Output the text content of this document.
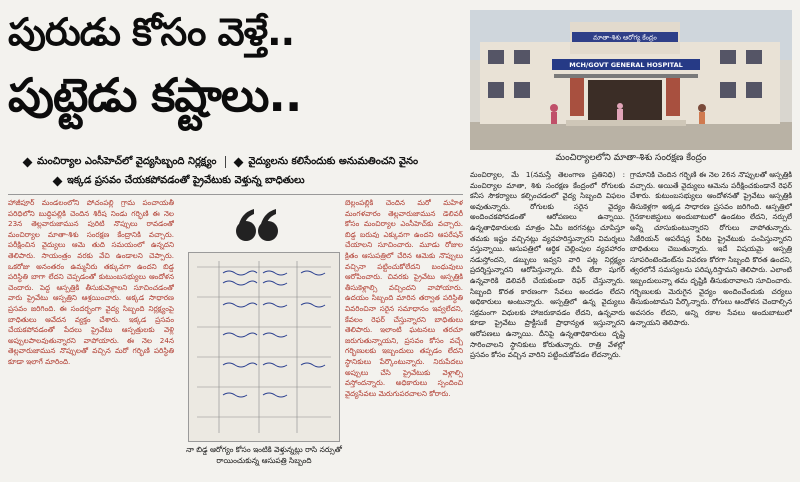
పురుడు కోసం వెళ్తే..
పుట్టెడు కష్టాలు..
మాతా-శిశు ఆరోగ్య కేంద్రం
MCH/GOVT GENERAL HOSPITAL
మంచిర్యాలలోని మాతా-శిశు సంరక్షణ కేంద్రం
మంచిర్యాల ఎంసీహెచ్‌లో వైద్యసిబ్బంది నిర్లక్ష్యం	వైద్యులను కలిసేందుకు అనుమతించని వైనం
ఇక్కడ ప్రసవం చేయకపోవడంతో ప్రైవేటుకు వెళ్తున్న బాధితులు
హాజీపూర్‌ మండలంలోని పోచంపల్లి గ్రామ పంచాయతీ పరిధిలోని బుద్ధిపల్లికి చెందిన శిరీష నిండు గర్భిణి ఈ నెల 23న తెల్లవారుజామున పురిటి నొప్పులు రావడంతో మంచిర్యాల మాతా-శిశు సంరక్షణ కేంద్రానికి వచ్చారు. పరీక్షించిన వైద్యులు ఆమె తుది సమయంలో ఉన్నదని తెలిపారు. సాయంత్రం వరకు వేచి ఉండాలని చెప్పారు. ఒకరోజు అనంతరం ఉమ్మనీరు తక్కువగా ఉందని బిడ్డ పరిస్థితి బాగా లేదని చెప్పడంతో కుటుంబసభ్యులు ఆందోళన చెందారు. పెద్ద ఆస్పత్రికి తీసుకువెళ్లాలని సూచించడంతో వారు ప్రైవేటు ఆస్పత్రిని ఆశ్రయించారు. అక్కడ సాధారణ ప్రసవం జరిగింది. ఈ సందర్భంగా వైద్య సిబ్బంది నిర్లక్ష్యంపై బాధితులు ఆవేదన వ్యక్తం చేశారు. ఇక్కడ ప్రసవం చేయకపోవడంతో పేదలు ప్రైవేటు ఆస్పత్రులకు వెళ్లి అప్పులపాలవుతున్నారని వాపోయారు. ఈ నెల 24న తెల్లవారుజామున నొప్పులతో వచ్చిన మరో గర్భిణి పరిస్థితి కూడా ఇలాగే మారింది.
నా బిడ్డ ఆరోగ్యం కోసం ఇంటికి వెళ్తున్నట్లు రాసి నర్సుతో రాయించుకున్న ఆసుపత్రి సిబ్బంది
బెల్లంపల్లికి చెందిన మరో మహిళ మంగళవారం తెల్లవారుజామున డెలివరీ కోసం మంచిర్యాల ఎంసీహెచ్‌కు వచ్చారు. బిడ్డ బరువు ఎక్కువగా ఉందని ఆపరేషన్‌ చేయాలని సూచించారు. మూడు రోజుల క్రితం ఆసుపత్రిలో చేరిన ఆమెకు నొప్పులు వచ్చినా పట్టించుకోలేదని బంధువులు ఆరోపించారు. చివరకు ప్రైవేటు ఆస్పత్రికి తీసుకెళ్లాల్సి వచ్చిందని వాపోయారు. ఉదయం సిబ్బంది మారిన తర్వాత పరిస్థితి వివరించినా సరైన సమాధానం ఇవ్వలేదని, కేవలం రెఫర్‌ చేస్తున్నారని బాధితులు తెలిపారు. ఇలాంటి ఘటనలు తరచూ జరుగుతున్నాయని, ప్రసవం కోసం వచ్చే గర్భిణులకు ఇబ్బందులు తప్పడం లేదని స్థానికులు పేర్కొంటున్నారు. నిరుపేదలు అప్పులు చేసి ప్రైవేటుకు వెళ్లాల్సి వస్తోందన్నారు. అధికారులు స్పందించి వైద్యసేవలు మెరుగుపరచాలని కోరారు.
మంచిర్యాల, మే 1(నమస్తే తెలంగాణ ప్రతినిధి) : మంచిర్యాల మాతా, శిశు సంరక్షణ కేంద్రంలో రోగులకు కనీస సౌకర్యాలు కల్పించడంలో వైద్య సిబ్బంది విఫలం అవుతున్నారు. రోగులకు సరైన వైద్యం అందించకపోవడంతో ఆరోపణలు ఉన్నాయి. ఉన్నతాధికారులకు మాత్రం ఏమీ జరగనట్లు చూపిస్తూ తమకు ఇష్టం వచ్చినట్లు వ్యవహరిస్తున్నారని విమర్శలు వస్తున్నాయి. ఆసుపత్రిలో ఆర్థిక చెల్లింపుల వ్యవహారం నడుస్తోందని, డబ్బులు ఇవ్వని వారి పట్ల నిర్లక్ష్యం ప్రదర్శిస్తున్నారని ఆరోపిస్తున్నారు. బీపీ లేదా షుగర్‌ ఉన్నవారికి డెలివరీ చేయకుండా రెఫర్‌ చేస్తున్నారు. సిబ్బంది కొరత కారణంగా సేవలు అందడం లేదని అధికారులు అంటున్నారు. ఆస్పత్రిలో ఉన్న వైద్యులు సక్రమంగా విధులకు హాజరుకావడం లేదని, ఉన్నవారు కూడా ప్రైవేటు ప్రాక్టీసుకే ప్రాధాన్యత ఇస్తున్నారని ఆరోపణలు ఉన్నాయి. దీనిపై ఉన్నతాధికారులు దృష్టి సారించాలని స్థానికులు కోరుతున్నారు. రాత్రి వేళల్లో ప్రసవం కోసం వచ్చిన వారిని పట్టించుకోవడం లేదన్నారు.
గ్రామానికి చెందిన గర్భిణి ఈ నెల 26న నొప్పులతో ఆస్పత్రికి వచ్చారు. అయితే వైద్యులు ఆమెను పరీక్షించకుండానే రెఫర్‌ చేశారు. కుటుంబసభ్యులు ఆందోళనతో ప్రైవేటు ఆస్పత్రికి తీసుకెళ్లగా అక్కడ సాధారణ ప్రసవం జరిగింది. ఆస్పత్రిలో గైనకాలజిస్టులు అందుబాటులో ఉండటం లేదని, నర్సులే అన్నీ చూసుకుంటున్నారని రోగులు వాపోతున్నారు. సిజేరియన్‌ ఆపరేషన్ల పేరిట ప్రైవేటుకు పంపిస్తున్నారని బాధితులు చెబుతున్నారు. ఇదే విషయమై ఆస్పత్రి సూపరింటెండెంట్‌ను వివరణ కోరగా సిబ్బంది కొరత ఉందని, త్వరలోనే సమస్యలను పరిష్కరిస్తామని తెలిపారు. ఎలాంటి ఇబ్బందులున్నా తమ దృష్టికి తీసుకురావాలని సూచించారు. గర్భిణులకు మెరుగైన వైద్యం అందించేందుకు చర్యలు తీసుకుంటామని పేర్కొన్నారు. రోగులు ఆందోళన చెందాల్సిన అవసరం లేదని, అన్ని రకాల సేవలు అందుబాటులో ఉన్నాయని తెలిపారు.
